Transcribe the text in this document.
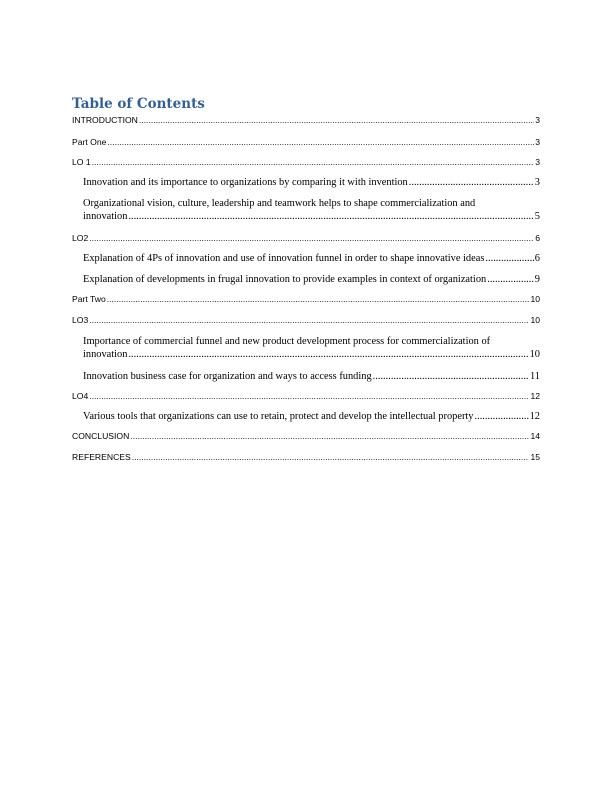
Table of Contents
INTRODUCTION .....	3
Part One .....	3
LO 1 .....	3
Innovation and its importance to organizations by comparing it with invention .....	3
Organizational vision, culture, leadership and teamwork helps to shape commercialization and
innovation .....	5
LO2 .....	6
Explanation of 4Ps of innovation and use of innovation funnel in order to shape innovative ideas .....	6
Explanation of developments in frugal innovation to provide examples in context of organization .....	9
Part Two .....	10
LO3 .....	10
Importance of commercial funnel and new product development process for commercialization of
innovation .....	10
Innovation business case for organization and ways to access funding .....	11
LO4 .....	12
Various tools that organizations can use to retain, protect and develop the intellectual property .....	12
CONCLUSION .....	14
REFERENCES .....	15
